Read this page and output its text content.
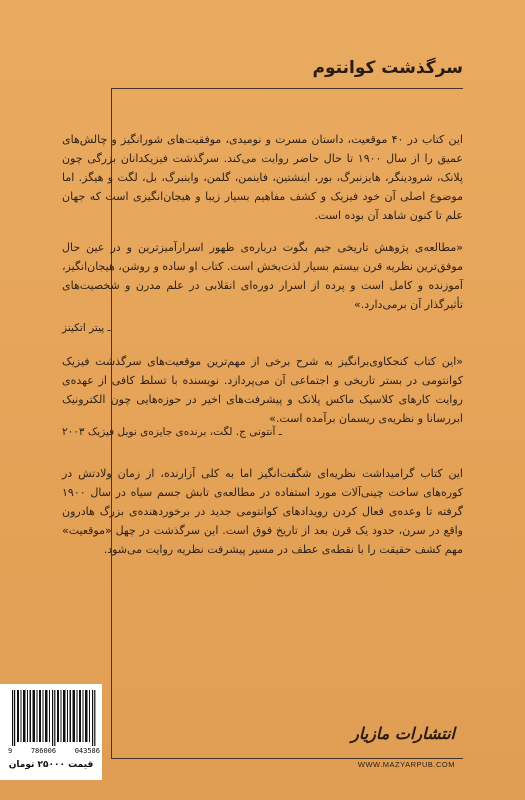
سرگذشت کوانتوم
این کتاب در ۴۰ موقعیت، داستان مسرت و نومیدی، موفقیت‌های شورانگیز و چالش‌های عمیق را از سال ۱۹۰۰ تا حال حاضر روایت می‌کند. سرگذشت فیزیکدانان بزرگی چون پلانک، شرودینگر، هایزنبرگ، بور، اینشتین، فاینمن، گلمن، واینبرگ، بل، لگت و هیگز. اما موضوع اصلی آن خود فیزیک و کشف مفاهیم بسیار زیبا و هیجان‌انگیزی است که جهان علم تا کنون شاهد آن بوده است.
«مطالعه‌ی پژوهش تاریخی جیم بگوت درباره‌ی ظهور اسرارآمیزترین و در عین حال موفق‌ترین نظریه قرن بیستم بسیار لذت‌بخش است. کتاب او ساده و روشن، هیجان‌انگیز، آموزنده و کامل است و پرده از اسرار دوره‌ای انقلابی در علم مدرن و شخصیت‌های تأثیرگذار آن برمی‌دارد.»
ـ پیتر اتکینز
«این کتاب کنجکاوی‌برانگیز به شرح برخی از مهم‌ترین موقعیت‌های سرگذشت فیزیک کوانتومی در بستر تاریخی و اجتماعی آن می‌پردازد. نویسنده با تسلط کافی از عهده‌ی روایت کارهای کلاسیک ماکس پلانک و پیشرفت‌های اخیر در حوزه‌هایی چون الکترونیک ابررسانا و نظریه‌ی ریسمان برآمده است.»
ـ آنتونی ج. لگت، برنده‌ی جایزه‌ی نوبل فیزیک ۲۰۰۳
این کتاب گرامیداشت نظریه‌ای شگفت‌انگیز اما به کلی آزارنده، از زمان ولادتش در کوره‌های ساخت چینی‌آلات مورد استفاده در مطالعه‌ی تابش جسم سیاه در سال ۱۹۰۰ گرفته تا وعده‌ی فعال کردن رویدادهای کوانتومی جدید در برخوردهنده‌ی بزرگ هادرون واقع در سرن، حدود یک قرن بعد از تاریخ فوق است. این سرگذشت در چهل «موقعیت» مهم کشف حقیقت را با نقطه‌ی عطف در مسیر پیشرفت نظریه روایت می‌شود.
9	786006	043586
قیمت ۲۵۰۰۰ تومان
انتشارات مازیار
WWW.MAZYARPUB.COM
